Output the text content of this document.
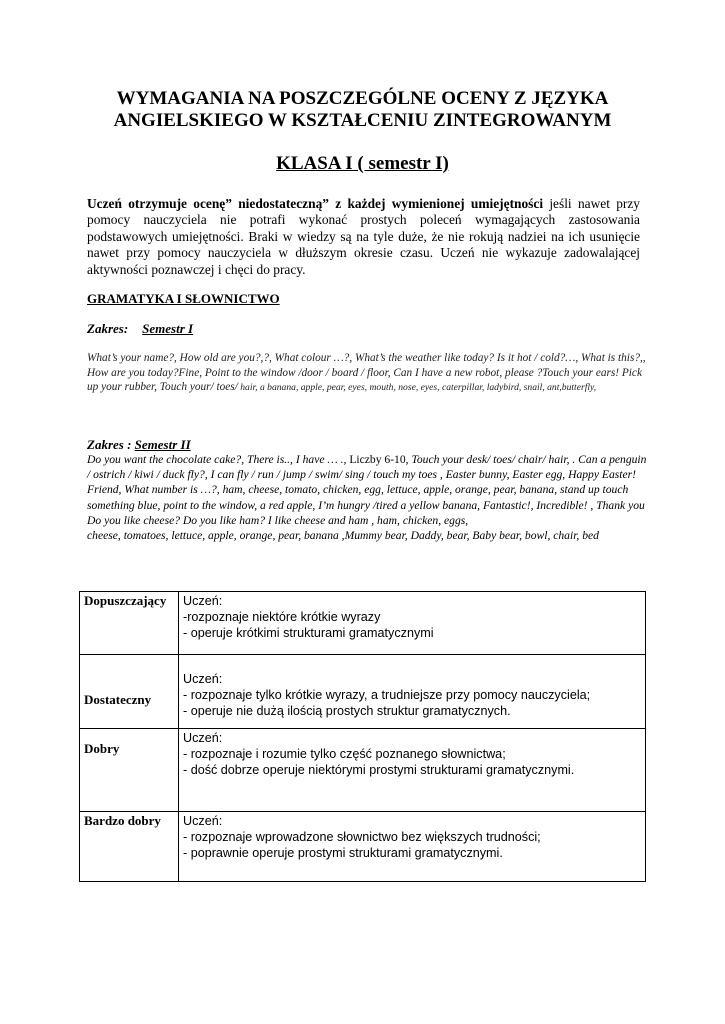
WYMAGANIA NA POSZCZEGÓLNE OCENY Z JĘZYKA
ANGIELSKIEGO W KSZTAŁCENIU ZINTEGROWANYM
KLASA I ( semestr I)
Uczeń otrzymuje ocenę” niedostateczną” z każdej wymienionej umiejętności jeśli nawet przy pomocy nauczyciela nie potrafi wykonać prostych poleceń wymagających zastosowania podstawowych umiejętności. Braki w wiedzy są na tyle duże, że nie rokują nadziei na ich usunięcie nawet przy pomocy nauczyciela w dłuższym okresie czasu. Uczeń nie wykazuje zadowalającej aktywności poznawczej i chęci do pracy.
GRAMATYKA I SŁOWNICTWO
Zakres: Semestr I
What’s your name?, How old are you?,?, What colour …?, What’s the weather like today? Is it hot / cold?…, What is this?,, How are you today?Fine, Point to the window /door / board / floor, Can I have a new robot, please ?Touch your ears! Pick up your rubber, Touch your/ toes/ hair, a banana, apple, pear, eyes, mouth, nose, eyes, caterpillar, ladybird, snail, ant,butterfly,
Zakres : Semestr II
Do you want the chocolate cake?, There is.., I have … ., Liczby 6-10, Touch your desk/ toes/ chair/ hair, . Can a penguin / ostrich / kiwi / duck fly?, I can fly / run / jump / swim/ sing / touch my toes , Easter bunny, Easter egg, Happy Easter! Friend, What number is …?, ham, cheese, tomato, chicken, egg, lettuce, apple, orange, pear, banana, stand up touch something blue, point to the window, a red apple, I’m hungry /tired a yellow banana, Fantastic!, Incredible! , Thank you Do you like cheese? Do you like ham? I like cheese and ham , ham, chicken, eggs,
cheese, tomatoes, lettuce, apple, orange, pear, banana ,Mummy bear, Daddy, bear, Baby bear, bowl, chair, bed
Dopuszczający	Uczeń:
-rozpoznaje niektóre krótkie wyrazy
- operuje krótkimi strukturami gramatycznymi

Dostateczny	Uczeń:
- rozpoznaje tylko krótkie wyrazy, a trudniejsze przy pomocy nauczyciela;
- operuje nie dużą ilością prostych struktur gramatycznych.

Dobry	Uczeń:
- rozpoznaje i rozumie tylko część poznanego słownictwa;
- dość dobrze operuje niektórymi prostymi strukturami gramatycznymi.

Bardzo dobry	Uczeń:
- rozpoznaje wprowadzone słownictwo bez większych trudności;
- poprawnie operuje prostymi strukturami gramatycznymi.
